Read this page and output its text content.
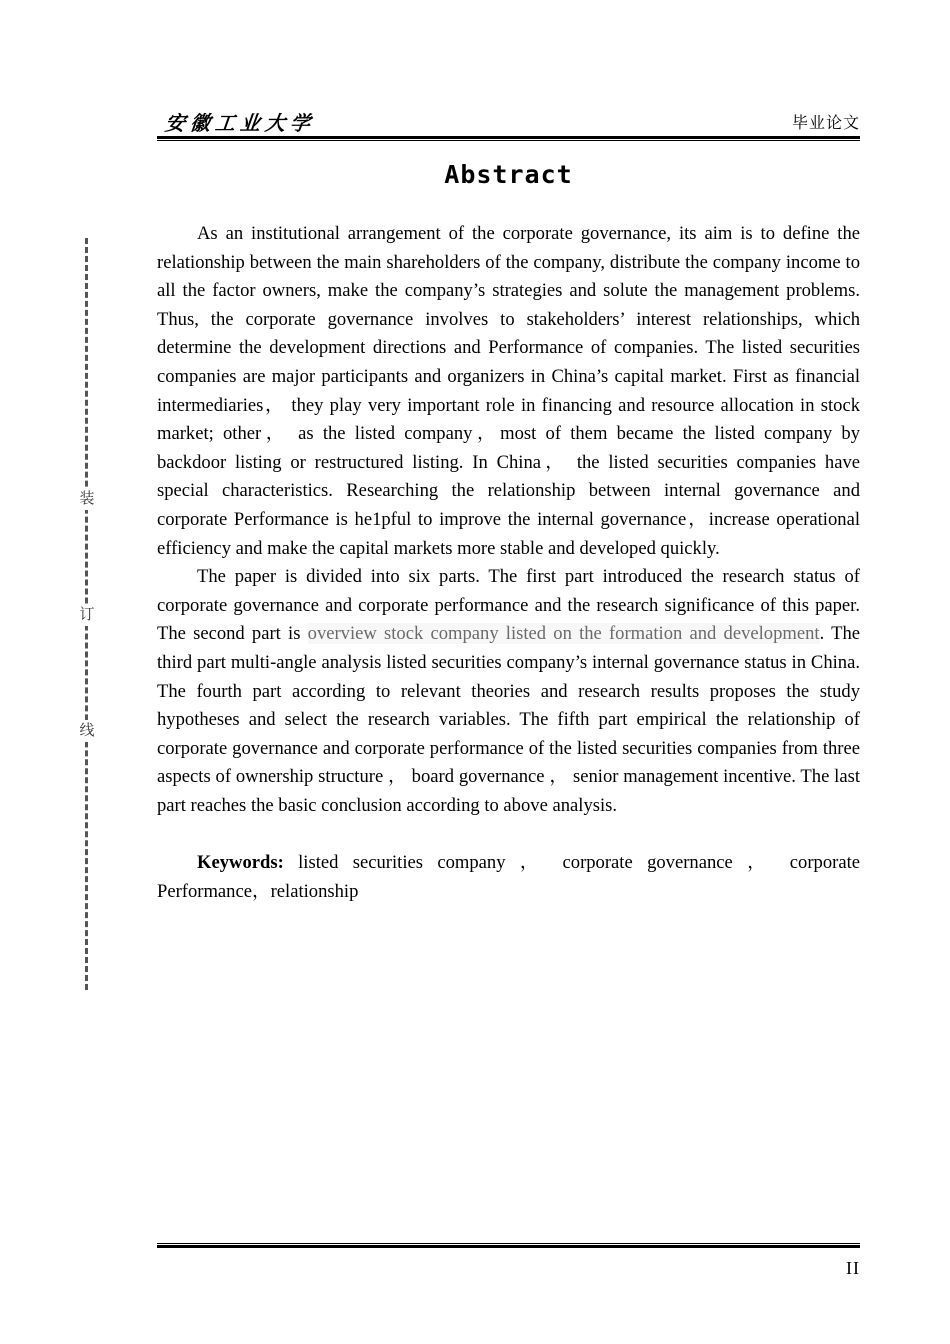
安徽工业大学	毕业论文
Abstract
装
订
线

As an institutional arrangement of the corporate governance, its aim is to define the relationship between the main shareholders of the company, distribute the company income to all the factor owners, make the company’s strategies and solute the management problems. Thus, the corporate governance involves to stakeholders’ interest relationships, which determine the development directions and Performance of companies. The listed securities companies are major participants and organizers in China’s capital market. First as financial intermediaries， they play very important role in financing and resource allocation in stock market; other， as the listed company，most of them became the listed company by backdoor listing or restructured listing. In China， the listed securities companies have special characteristics. Researching the relationship between internal governance and corporate Performance is he1pful to improve the internal governance，increase operational efficiency and make the capital markets more stable and developed quickly.

The paper is divided into six parts. The first part introduced the research status of corporate governance and corporate performance and the research significance of this paper. The second part is overview stock company listed on the formation and development. The third part multi-angle analysis listed securities company’s internal governance status in China. The fourth part according to relevant theories and research results proposes the study hypotheses and select the research variables. The fifth part empirical the relationship of corporate governance and corporate performance of the listed securities companies from three aspects of ownership structure ， board governance ， senior management incentive. The last part reaches the basic conclusion according to above analysis.

Keywords: listed securities company ， corporate governance ， corporate Performance，relationship

II
